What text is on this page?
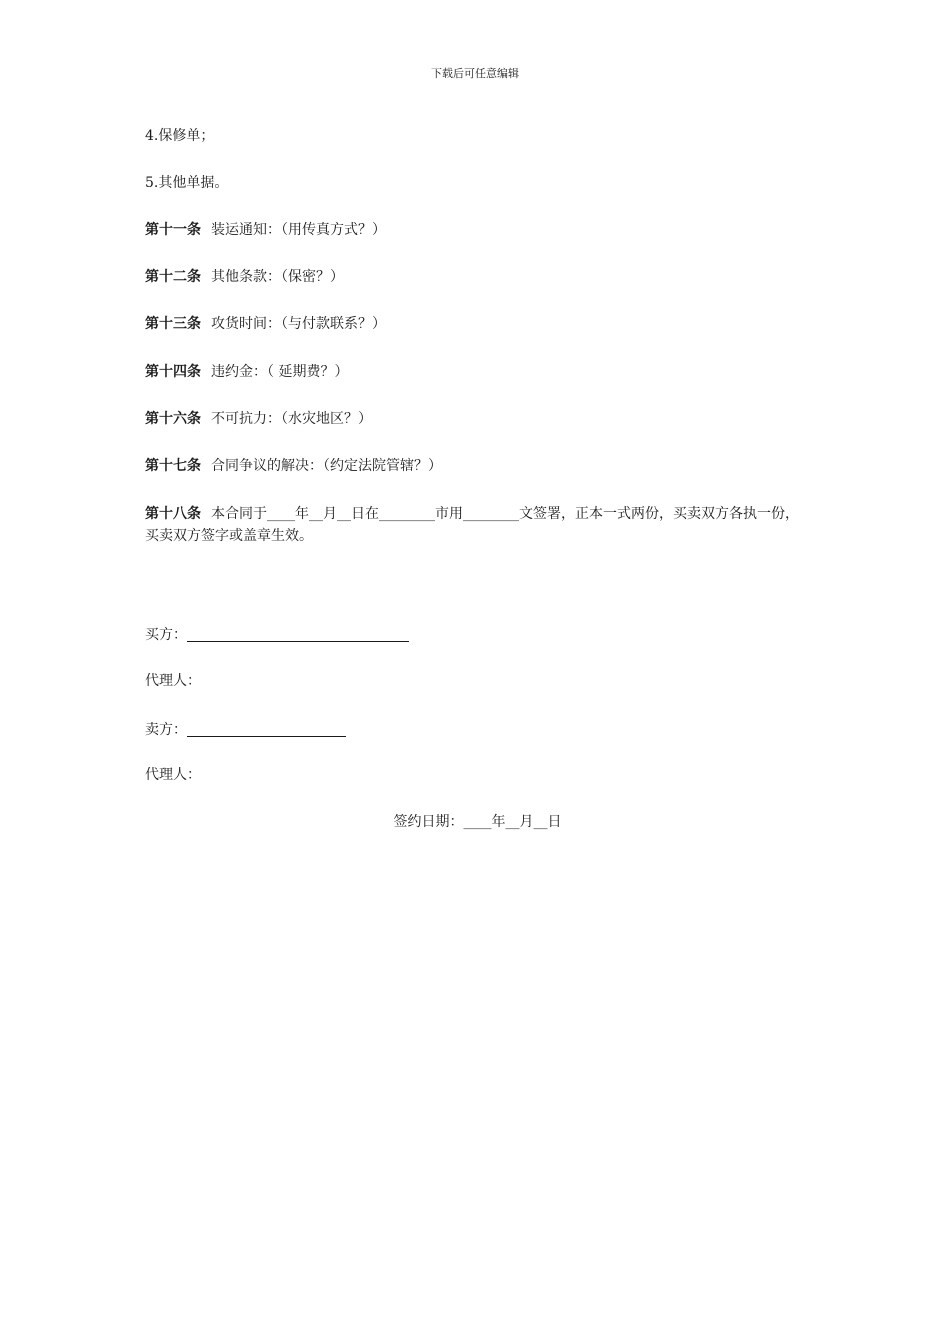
下载后可任意编辑
4.保修单；
5.其他单据。
第十一条 装运通知：（用传真方式？）
第十二条 其他条款：（保密？）
第十三条 攻货时间：（与付款联系？）
第十四条 违约金：（ 延期费？）
第十六条 不可抗力：（水灾地区？）
第十七条 合同争议的解决：（约定法院管辖？）
第十八条 本合同于____年__月__日在________市用________文签署，正本一式两份，买卖双方各执一份，买卖双方签字或盖章生效。
买方：
代理人：
卖方：
代理人：
签约日期：____年__月__日
